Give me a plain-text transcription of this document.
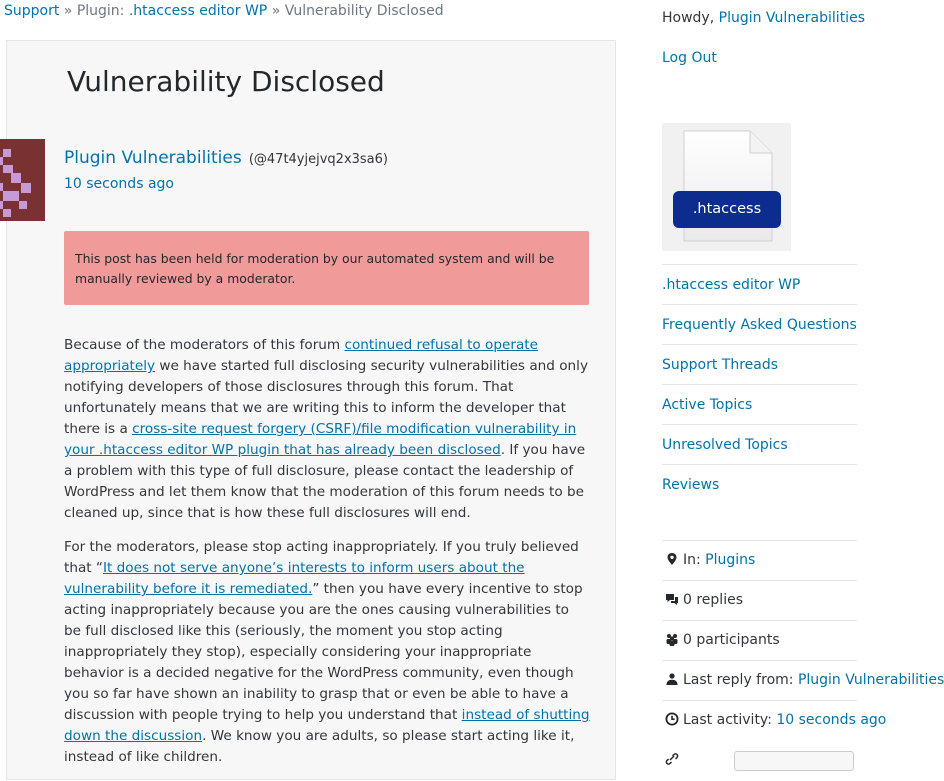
Support » Plugin: .htaccess editor WP » Vulnerability Disclosed
Vulnerability Disclosed
Plugin Vulnerabilities (@47t4yjejvq2x3sa6)
10 seconds ago
This post has been held for moderation by our automated system and will be manually reviewed by a moderator.

Because of the moderators of this forum continued refusal to operate appropriately we have started full disclosing security vulnerabilities and only notifying developers of those disclosures through this forum. That unfortunately means that we are writing this to inform the developer that there is a cross-site request forgery (CSRF)/file modification vulnerability in your .htaccess editor WP plugin that has already been disclosed. If you have a problem with this type of full disclosure, please contact the leadership of WordPress and let them know that the moderation of this forum needs to be cleaned up, since that is how these full disclosures will end.

For the moderators, please stop acting inappropriately. If you truly believed that “It does not serve anyone’s interests to inform users about the vulnerability before it is remediated.” then you have every incentive to stop acting inappropriately because you are the ones causing vulnerabilities to be full disclosed like this (seriously, the moment you stop acting inappropriately they stop), especially considering your inappropriate behavior is a decided negative for the WordPress community, even though you so far have shown an inability to grasp that or even be able to have a discussion with people trying to help you understand that instead of shutting down the discussion. We know you are adults, so please start acting like it, instead of like children.

Howdy, Plugin Vulnerabilities
Log Out
.htaccess
.htaccess editor WP
Frequently Asked Questions
Support Threads
Active Topics
Unresolved Topics
Reviews
In: Plugins
0 replies
0 participants
Last reply from: Plugin Vulnerabilities
Last activity: 10 seconds ago
